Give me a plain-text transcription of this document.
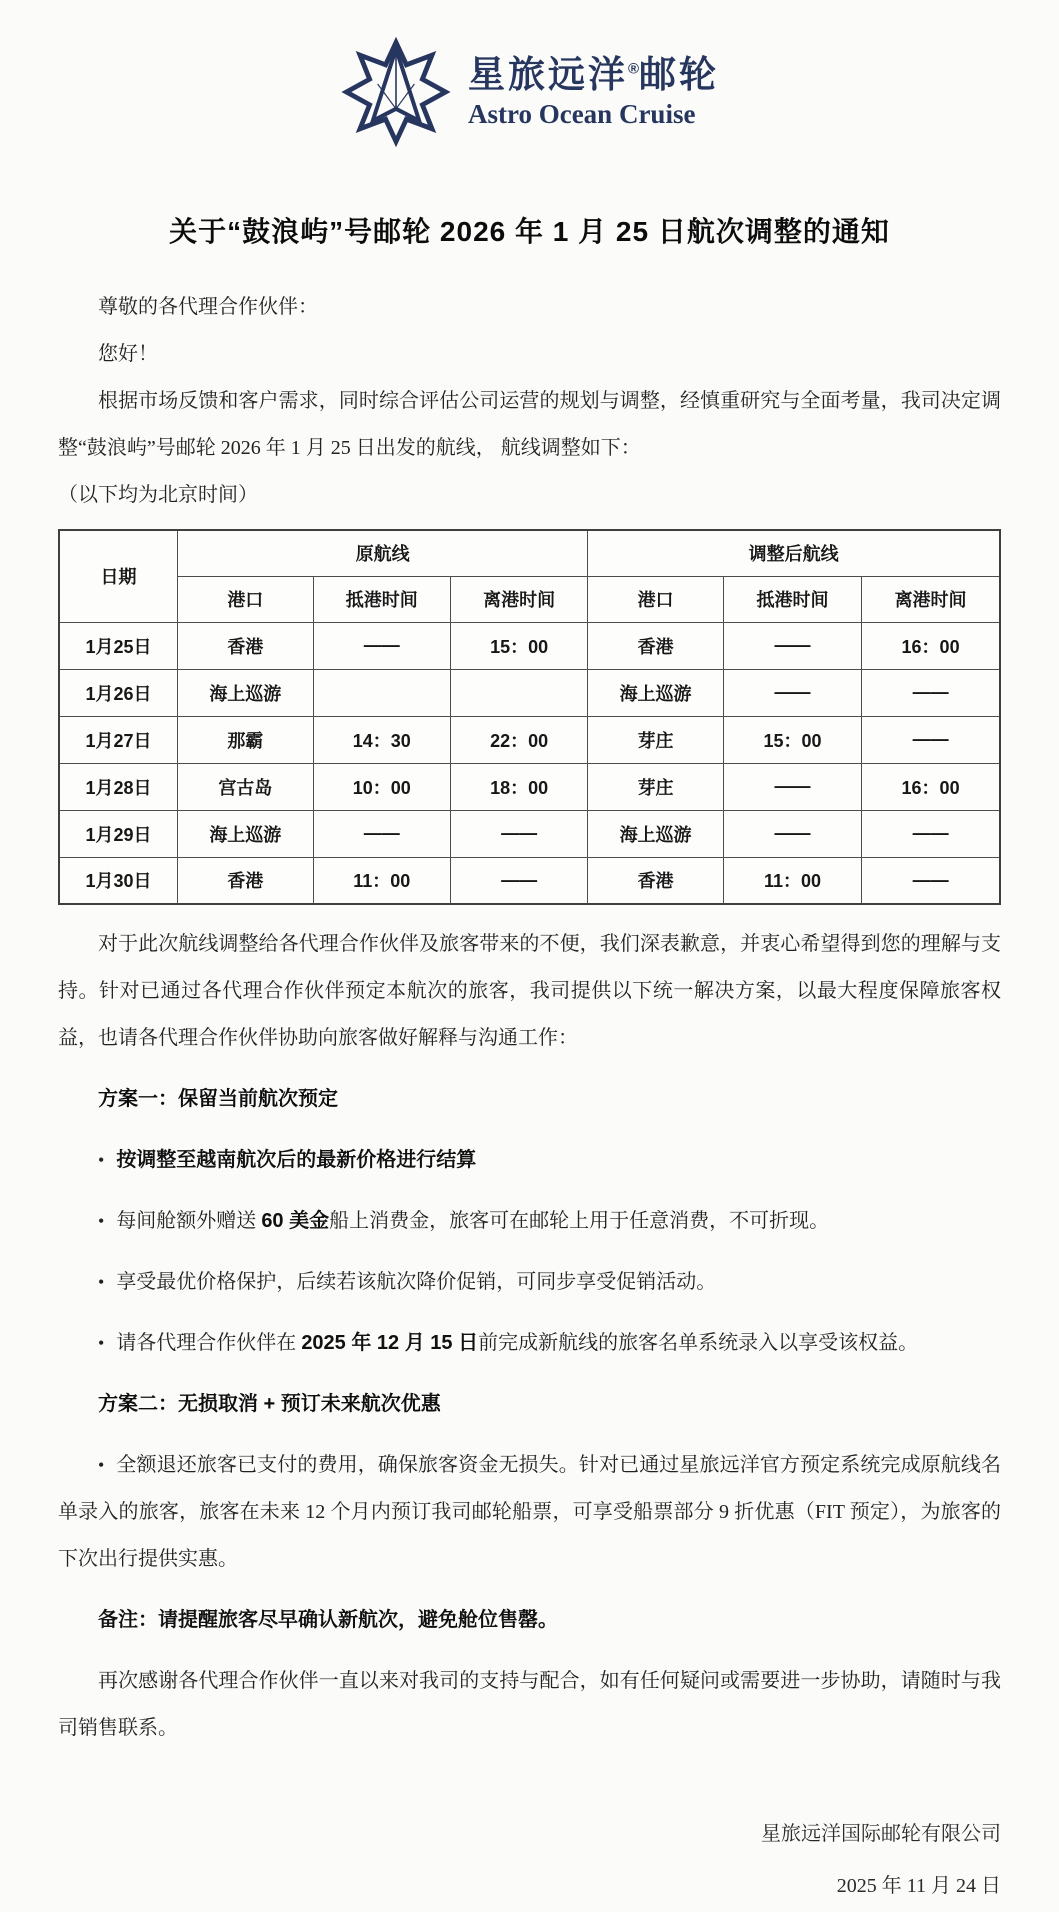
星旅远洋®邮轮
Astro Ocean Cruise
关于“鼓浪屿”号邮轮 2026 年 1 月 25 日航次调整的通知

尊敬的各代理合作伙伴：

您好！

根据市场反馈和客户需求，同时综合评估公司运营的规划与调整，经慎重研究与全面考量，我司决定调整“鼓浪屿”号邮轮 2026 年 1 月 25 日出发的航线， 航线调整如下：

（以下均为北京时间）

日期	原航线			调整后航线		
	港口	抵港时间	离港时间	港口	抵港时间	离港时间
1月25日	香港	——	15：00	香港	——	16：00
1月26日	海上巡游			海上巡游	——	——
1月27日	那霸	14：30	22：00	芽庄	15：00	——
1月28日	宫古岛	10：00	18：00	芽庄	——	16：00
1月29日	海上巡游	——	——	海上巡游	——	——
1月30日	香港	11：00	——	香港	11：00	——

对于此次航线调整给各代理合作伙伴及旅客带来的不便，我们深表歉意，并衷心希望得到您的理解与支持。针对已通过各代理合作伙伴预定本航次的旅客，我司提供以下统一解决方案，以最大程度保障旅客权益，也请各代理合作伙伴协助向旅客做好解释与沟通工作：

方案一：保留当前航次预定

• 按调整至越南航次后的最新价格进行结算

• 每间舱额外赠送 60 美金船上消费金，旅客可在邮轮上用于任意消费，不可折现。

• 享受最优价格保护，后续若该航次降价促销，可同步享受促销活动。

• 请各代理合作伙伴在 2025 年 12 月 15 日前完成新航线的旅客名单系统录入以享受该权益。

方案二：无损取消 + 预订未来航次优惠

• 全额退还旅客已支付的费用，确保旅客资金无损失。针对已通过星旅远洋官方预定系统完成原航线名单录入的旅客，旅客在未来 12 个月内预订我司邮轮船票，可享受船票部分 9 折优惠（FIT 预定），为旅客的下次出行提供实惠。

备注：请提醒旅客尽早确认新航次，避免舱位售罄。

再次感谢各代理合作伙伴一直以来对我司的支持与配合，如有任何疑问或需要进一步协助，请随时与我司销售联系。

星旅远洋国际邮轮有限公司
2025 年 11 月 24 日
